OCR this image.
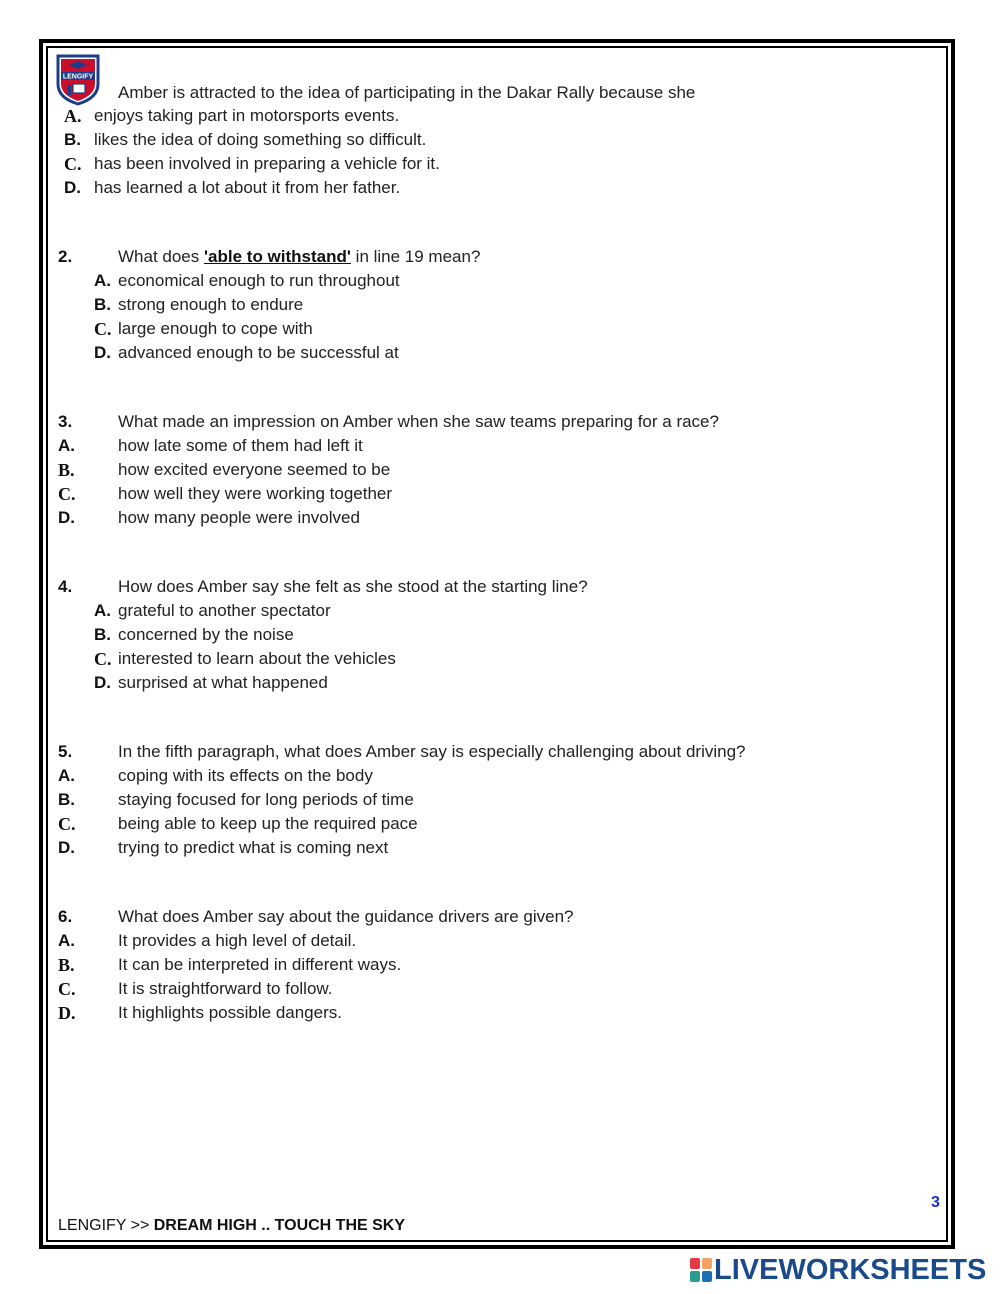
LENGIFY
Amber is attracted to the idea of participating in the Dakar Rally because she
A. enjoys taking part in motorsports events.
B. likes the idea of doing something so difficult.
C. has been involved in preparing a vehicle for it.
D. has learned a lot about it from her father.
2.	What does 'able to withstand' in line 19 mean?
A. economical enough to run throughout
B. strong enough to endure
C. large enough to cope with
D. advanced enough to be successful at
3.	What made an impression on Amber when she saw teams preparing for a race?
A.	how late some of them had left it
B.	how excited everyone seemed to be
C.	how well they were working together
D.	how many people were involved
4.	How does Amber say she felt as she stood at the starting line?
A. grateful to another spectator
B. concerned by the noise
C. interested to learn about the vehicles
D. surprised at what happened
5.	In the fifth paragraph, what does Amber say is especially challenging about driving?
A.	coping with its effects on the body
B.	staying focused for long periods of time
C.	being able to keep up the required pace
D.	trying to predict what is coming next
6.	What does Amber say about the guidance drivers are given?
A.	It provides a high level of detail.
B.	It can be interpreted in different ways.
C.	It is straightforward to follow.
D.	It highlights possible dangers.
3
LENGIFY >> DREAM HIGH .. TOUCH THE SKY
LIVEWORKSHEETS
